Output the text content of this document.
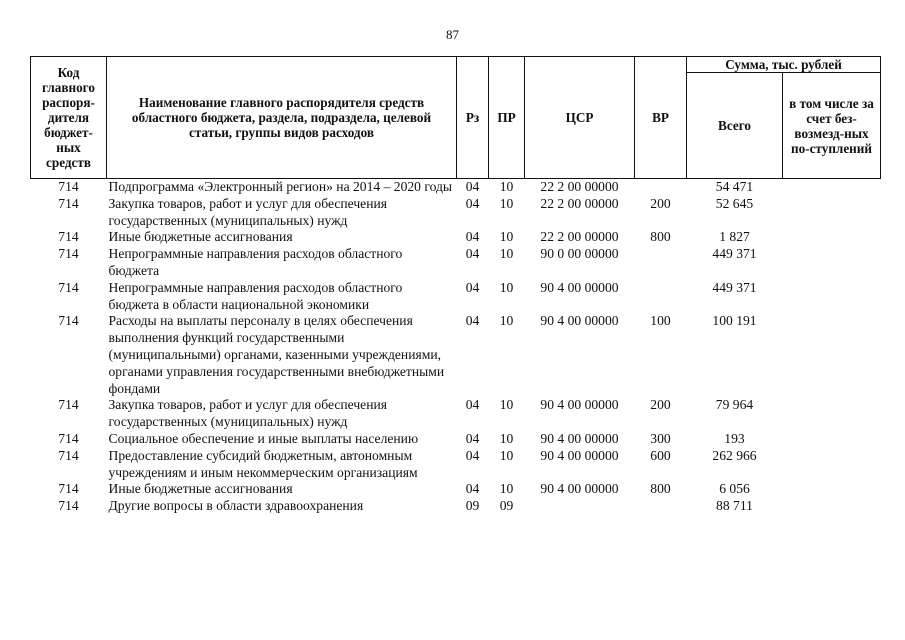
87
Код главного распоря-дителя бюджет-ных средств	Наименование главного распорядителя средств областного бюджета, раздела, подраздела, целевой статьи, группы видов расходов	Рз	ПР	ЦСР	ВР	Сумма, тыс. рублей	
						Всего	в том числе за счет без-возмезд-ных по-ступлений
714	Подпрограмма «Электронный регион» на 2014 – 2020 годы	04	10	22 2 00 00000		54 471	
714	Закупка товаров, работ и услуг для обеспечения государственных (муниципальных) нужд	04	10	22 2 00 00000	200	52 645	
714	Иные бюджетные ассигнования	04	10	22 2 00 00000	800	1 827	
714	Непрограммные направления расходов областного бюджета	04	10	90 0 00 00000		449 371	
714	Непрограммные направления расходов областного бюджета в области национальной экономики	04	10	90 4 00 00000		449 371	
714	Расходы на выплаты персоналу в целях обеспечения выполнения функций государственными (муниципальными) органами, казенными учреждениями, органами управления государственными внебюджетными фондами	04	10	90 4 00 00000	100	100 191	
714	Закупка товаров, работ и услуг для обеспечения государственных (муниципальных) нужд	04	10	90 4 00 00000	200	79 964	
714	Социальное обеспечение и иные выплаты населению	04	10	90 4 00 00000	300	193	
714	Предоставление субсидий бюджетным, автономным учреждениям и иным некоммерческим организациям	04	10	90 4 00 00000	600	262 966	
714	Иные бюджетные ассигнования	04	10	90 4 00 00000	800	6 056	
714	Другие вопросы в области здравоохранения	09	09			88 711	
